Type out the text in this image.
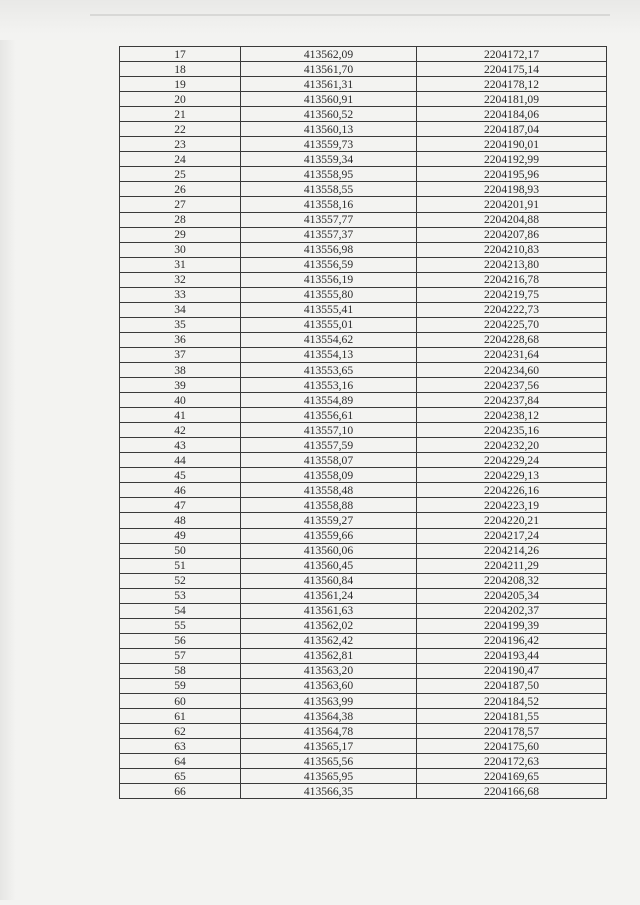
17	413562,09	2204172,17
18	413561,70	2204175,14
19	413561,31	2204178,12
20	413560,91	2204181,09
21	413560,52	2204184,06
22	413560,13	2204187,04
23	413559,73	2204190,01
24	413559,34	2204192,99
25	413558,95	2204195,96
26	413558,55	2204198,93
27	413558,16	2204201,91
28	413557,77	2204204,88
29	413557,37	2204207,86
30	413556,98	2204210,83
31	413556,59	2204213,80
32	413556,19	2204216,78
33	413555,80	2204219,75
34	413555,41	2204222,73
35	413555,01	2204225,70
36	413554,62	2204228,68
37	413554,13	2204231,64
38	413553,65	2204234,60
39	413553,16	2204237,56
40	413554,89	2204237,84
41	413556,61	2204238,12
42	413557,10	2204235,16
43	413557,59	2204232,20
44	413558,07	2204229,24
45	413558,09	2204229,13
46	413558,48	2204226,16
47	413558,88	2204223,19
48	413559,27	2204220,21
49	413559,66	2204217,24
50	413560,06	2204214,26
51	413560,45	2204211,29
52	413560,84	2204208,32
53	413561,24	2204205,34
54	413561,63	2204202,37
55	413562,02	2204199,39
56	413562,42	2204196,42
57	413562,81	2204193,44
58	413563,20	2204190,47
59	413563,60	2204187,50
60	413563,99	2204184,52
61	413564,38	2204181,55
62	413564,78	2204178,57
63	413565,17	2204175,60
64	413565,56	2204172,63
65	413565,95	2204169,65
66	413566,35	2204166,68
